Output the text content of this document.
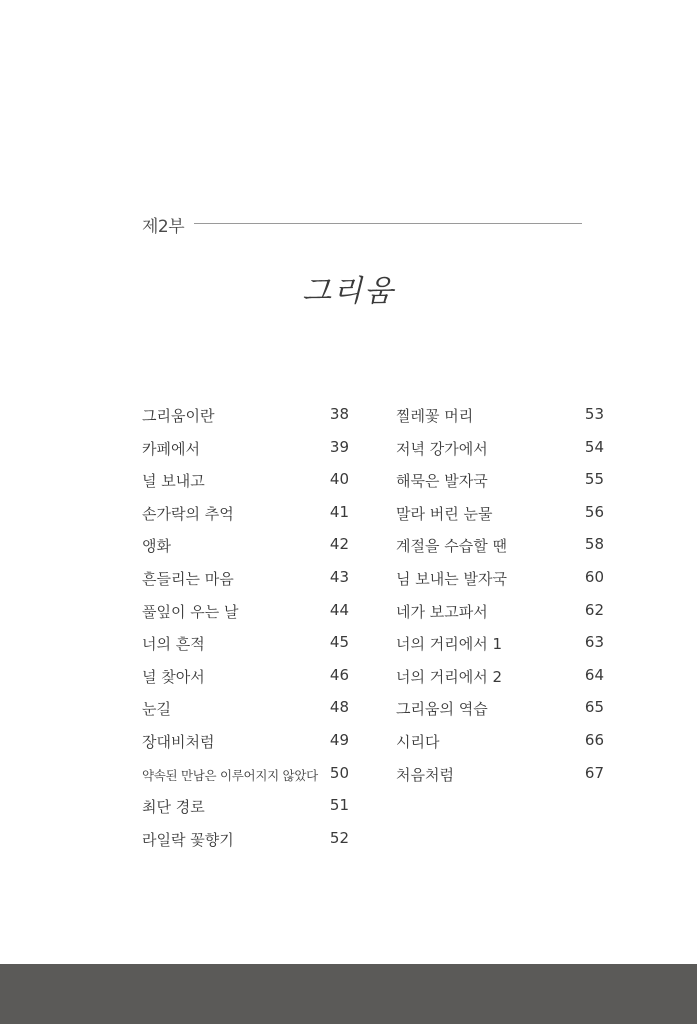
제2부
그리움
그리움이란	38
카페에서	39
널 보내고	40
손가락의 추억	41
앵화	42
흔들리는 마음	43
풀잎이 우는 날	44
너의 흔적	45
널 찾아서	46
눈길	48
장대비처럼	49
약속된 만남은 이루어지지 않았다 50
최단 경로	51
라일락 꽃향기	52
찔레꽃 머리	53
저녁 강가에서	54
해묵은 발자국	55
말라 버린 눈물	56
계절을 수습할 땐	58
님 보내는 발자국	60
네가 보고파서	62
너의 거리에서 1	63
너의 거리에서 2	64
그리움의 역습	65
시리다	66
처음처럼	67
